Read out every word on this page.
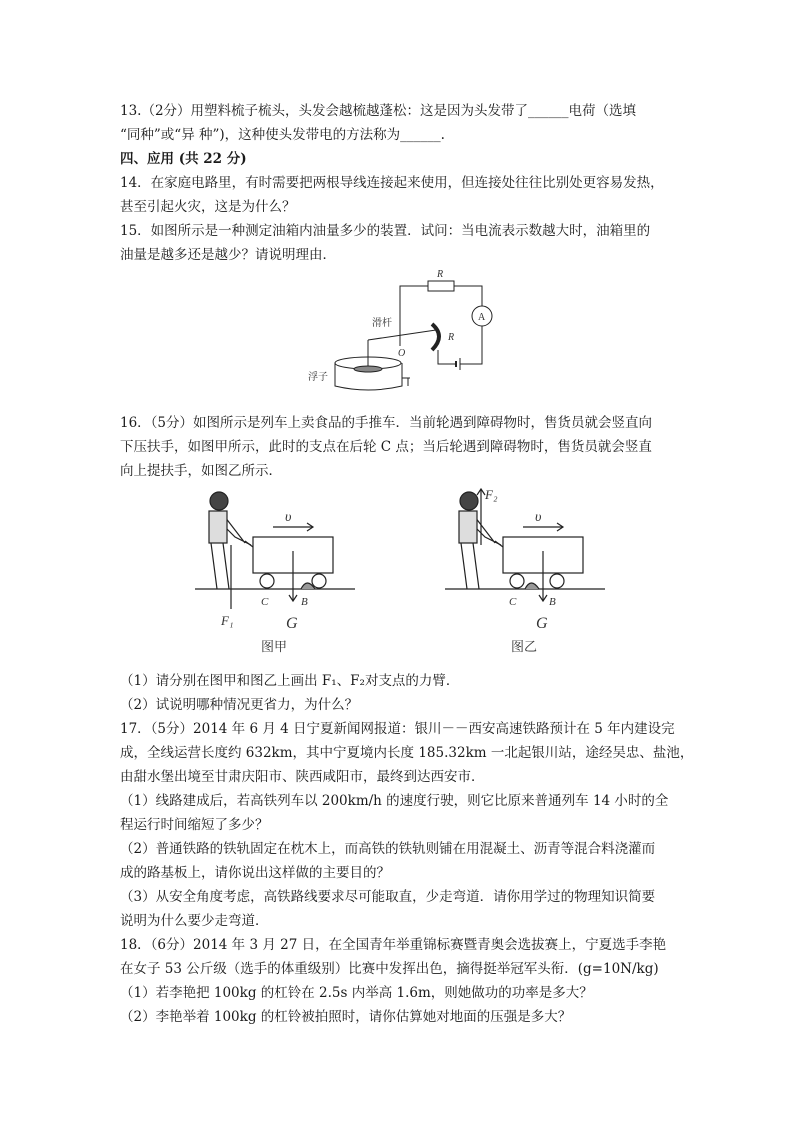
13.（2分）用塑料梳子梳头，头发会越梳越蓬松：这是因为头发带了______电荷（选填
“同种”或“异 种”)，这种使头发带电的方法称为______.
四、应用 (共 22 分)
14．在家庭电路里，有时需要把两根导线连接起来使用，但连接处往往比别处更容易发热，
甚至引起火灾，这是为什么？
15．如图所示是一种测定油箱内油量多少的装置．试问：当电流表示数越大时，油箱里的
油量是越多还是越少？请说明理由．
R
A
滑杆
O
R
浮子
16．（5分）如图所示是列车上卖食品的手推车．当前轮遇到障碍物时，售货员就会竖直向
下压扶手，如图甲所示，此时的支点在后轮 C 点；当后轮遇到障碍物时，售货员就会竖直
向上提扶手，如图乙所示．
υ
C	B
G
F₁
图甲
υ
C	B
G
F₂
图乙
（1）请分别在图甲和图乙上画出 F₁、F₂对支点的力臂．
（2）试说明哪种情况更省力，为什么？
17．（5分）2014 年 6 月 4 日宁夏新闻网报道：银川－－西安高速铁路预计在 5 年内建设完
成，全线运营长度约 632km，其中宁夏境内长度 185.32km 一北起银川站，途经吴忠、盐池，
由甜水堡出境至甘肃庆阳市、陕西咸阳市，最终到达西安市．
（1）线路建成后，若高铁列车以 200km/h 的速度行驶，则它比原来普通列车 14 小时的全
程运行时间缩短了多少？
（2）普通铁路的铁轨固定在枕木上，而高铁的铁轨则铺在用混凝土、沥青等混合料浇灌而
成的路基板上，请你说出这样做的主要目的？
（3）从安全角度考虑，高铁路线要求尽可能取直，少走弯道．请你用学过的物理知识简要
说明为什么要少走弯道．
18．（6分）2014 年 3 月 27 日，在全国青年举重锦标赛暨青奥会选拔赛上，宁夏选手李艳
在女子 53 公斤级（选手的体重级别）比赛中发挥出色，摘得挺举冠军头衔．(g=10N/kg)
（1）若李艳把 100kg 的杠铃在 2.5s 内举高 1.6m，则她做功的功率是多大？
（2）李艳举着 100kg 的杠铃被拍照时，请你估算她对地面的压强是多大？
